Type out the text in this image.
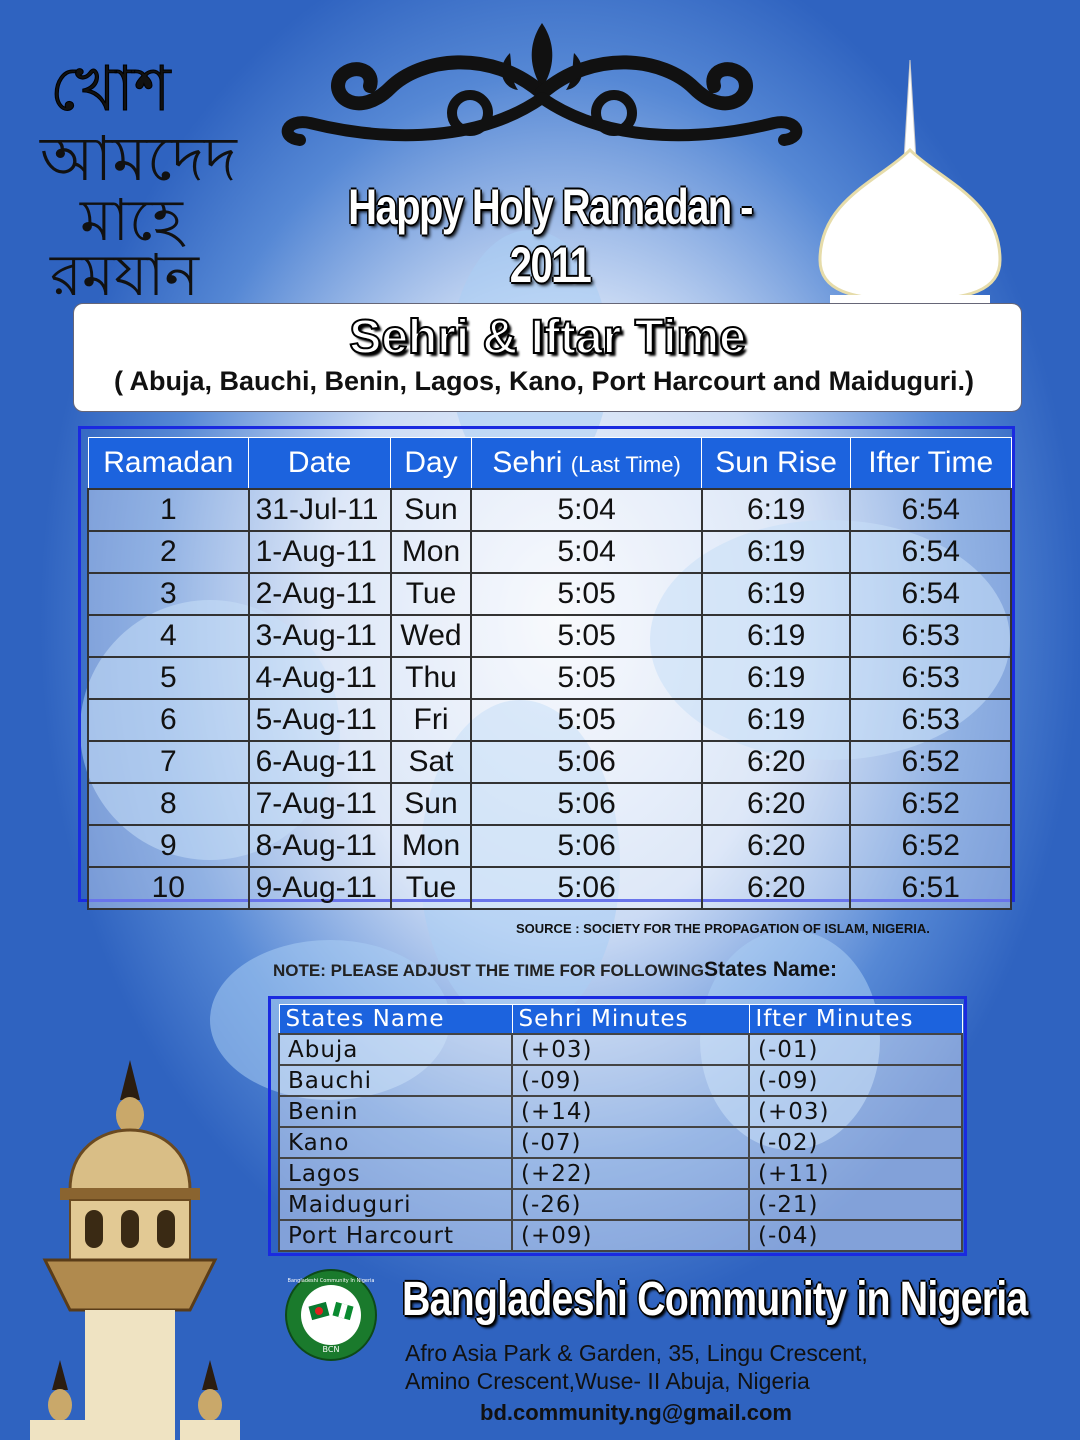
খোশ
আমদেদ
মাহে
রমযান
Happy Holy Ramadan - 2011
Sehri & Iftar Time
( Abuja, Bauchi, Benin, Lagos, Kano, Port Harcourt and Maiduguri.)
Ramadan	Date	Day	Sehri (Last Time)	Sun Rise	Ifter Time
1	31-Jul-11	Sun	5:04	6:19	6:54
2	1-Aug-11	Mon	5:04	6:19	6:54
3	2-Aug-11	Tue	5:05	6:19	6:54
4	3-Aug-11	Wed	5:05	6:19	6:53
5	4-Aug-11	Thu	5:05	6:19	6:53
6	5-Aug-11	Fri	5:05	6:19	6:53
7	6-Aug-11	Sat	5:06	6:20	6:52
8	7-Aug-11	Sun	5:06	6:20	6:52
9	8-Aug-11	Mon	5:06	6:20	6:52
10	9-Aug-11	Tue	5:06	6:20	6:51
SOURCE : SOCIETY FOR THE PROPAGATION OF ISLAM, NIGERIA.
NOTE: PLEASE ADJUST THE TIME FOR FOLLOWINGStates Name:
States Name	Sehri Minutes	Ifter Minutes
Abuja	(+03)	(-01)
Bauchi	(-09)	(-09)
Benin	(+14)	(+03)
Kano	(-07)	(-02)
Lagos	(+22)	(+11)
Maiduguri	(-26)	(-21)
Port Harcourt	(+09)	(-04)
BCN
Bangladeshi Community In Nigeria Bangladeshi Community in Nigeria
Afro Asia Park & Garden, 35, Lingu Crescent,
Amino Crescent,Wuse- II Abuja, Nigeria
bd.community.ng@gmail.com
